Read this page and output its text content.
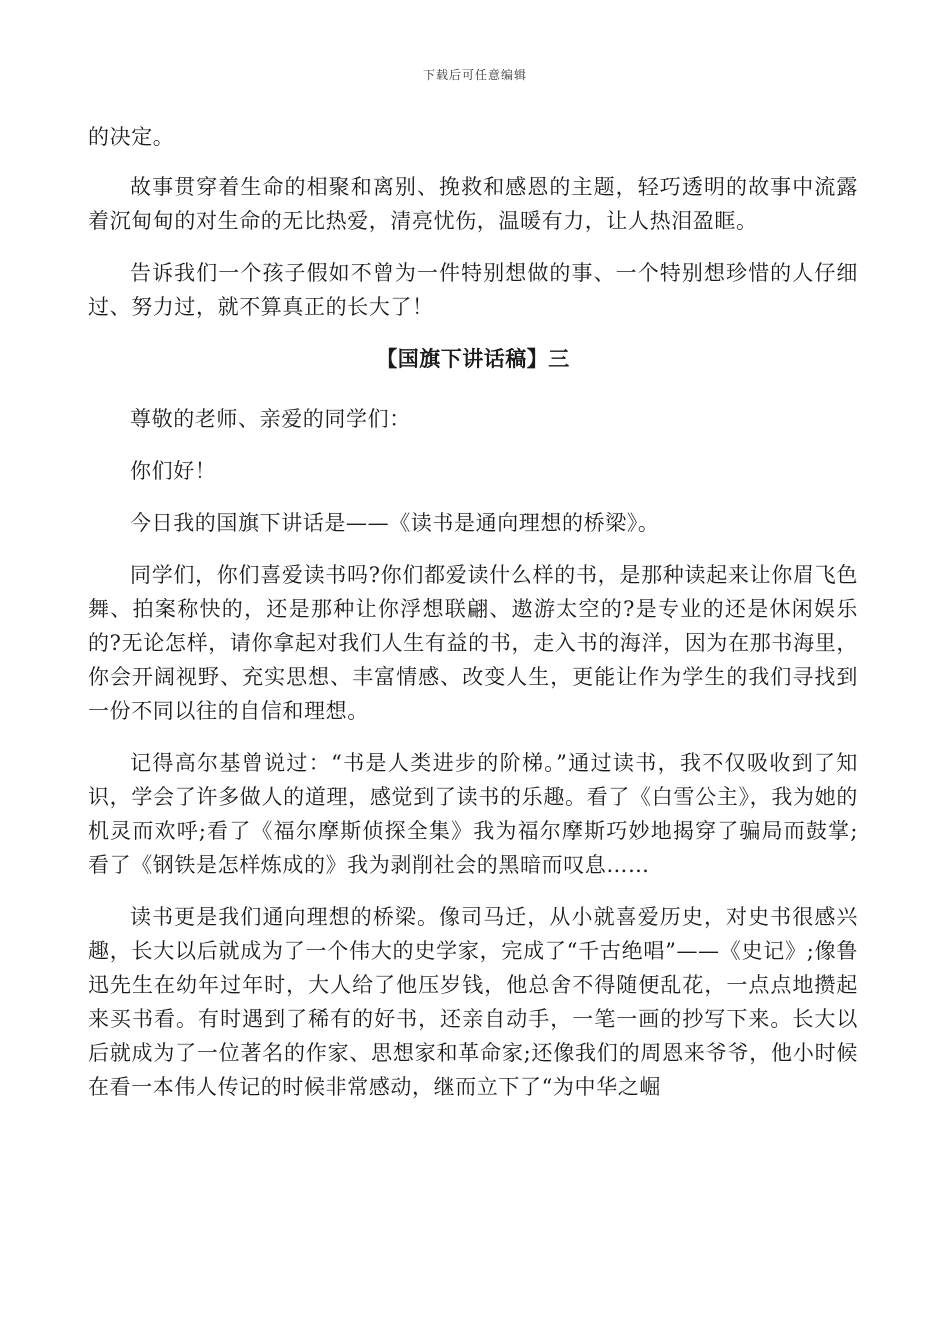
下载后可任意编辑

的决定。

故事贯穿着生命的相聚和离别、挽救和感恩的主题，轻巧透明的故事中流露着沉甸甸的对生命的无比热爱，清亮忧伤，温暖有力，让人热泪盈眶。

告诉我们一个孩子假如不曾为一件特别想做的事、一个特别想珍惜的人仔细过、努力过，就不算真正的长大了！

【国旗下讲话稿】三

尊敬的老师、亲爱的同学们：

你们好！

今日我的国旗下讲话是——《读书是通向理想的桥梁》。

同学们，你们喜爱读书吗?你们都爱读什么样的书，是那种读起来让你眉飞色舞、拍案称快的，还是那种让你浮想联翩、遨游太空的?是专业的还是休闲娱乐的?无论怎样，请你拿起对我们人生有益的书，走入书的海洋，因为在那书海里，你会开阔视野、充实思想、丰富情感、改变人生，更能让作为学生的我们寻找到一份不同以往的自信和理想。

记得高尔基曾说过：“书是人类进步的阶梯。”通过读书，我不仅吸收到了知识，学会了许多做人的道理，感觉到了读书的乐趣。看了《白雪公主》，我为她的机灵而欢呼;看了《福尔摩斯侦探全集》我为福尔摩斯巧妙地揭穿了骗局而鼓掌;看了《钢铁是怎样炼成的》我为剥削社会的黑暗而叹息……

读书更是我们通向理想的桥梁。像司马迁，从小就喜爱历史，对史书很感兴趣，长大以后就成为了一个伟大的史学家，完成了“千古绝唱”——《史记》;像鲁迅先生在幼年过年时，大人给了他压岁钱，他总舍不得随便乱花，一点点地攒起来买书看。有时遇到了稀有的好书，还亲自动手，一笔一画的抄写下来。长大以后就成为了一位著名的作家、思想家和革命家;还像我们的周恩来爷爷，他小时候在看一本伟人传记的时候非常感动，继而立下了“为中华之崛
